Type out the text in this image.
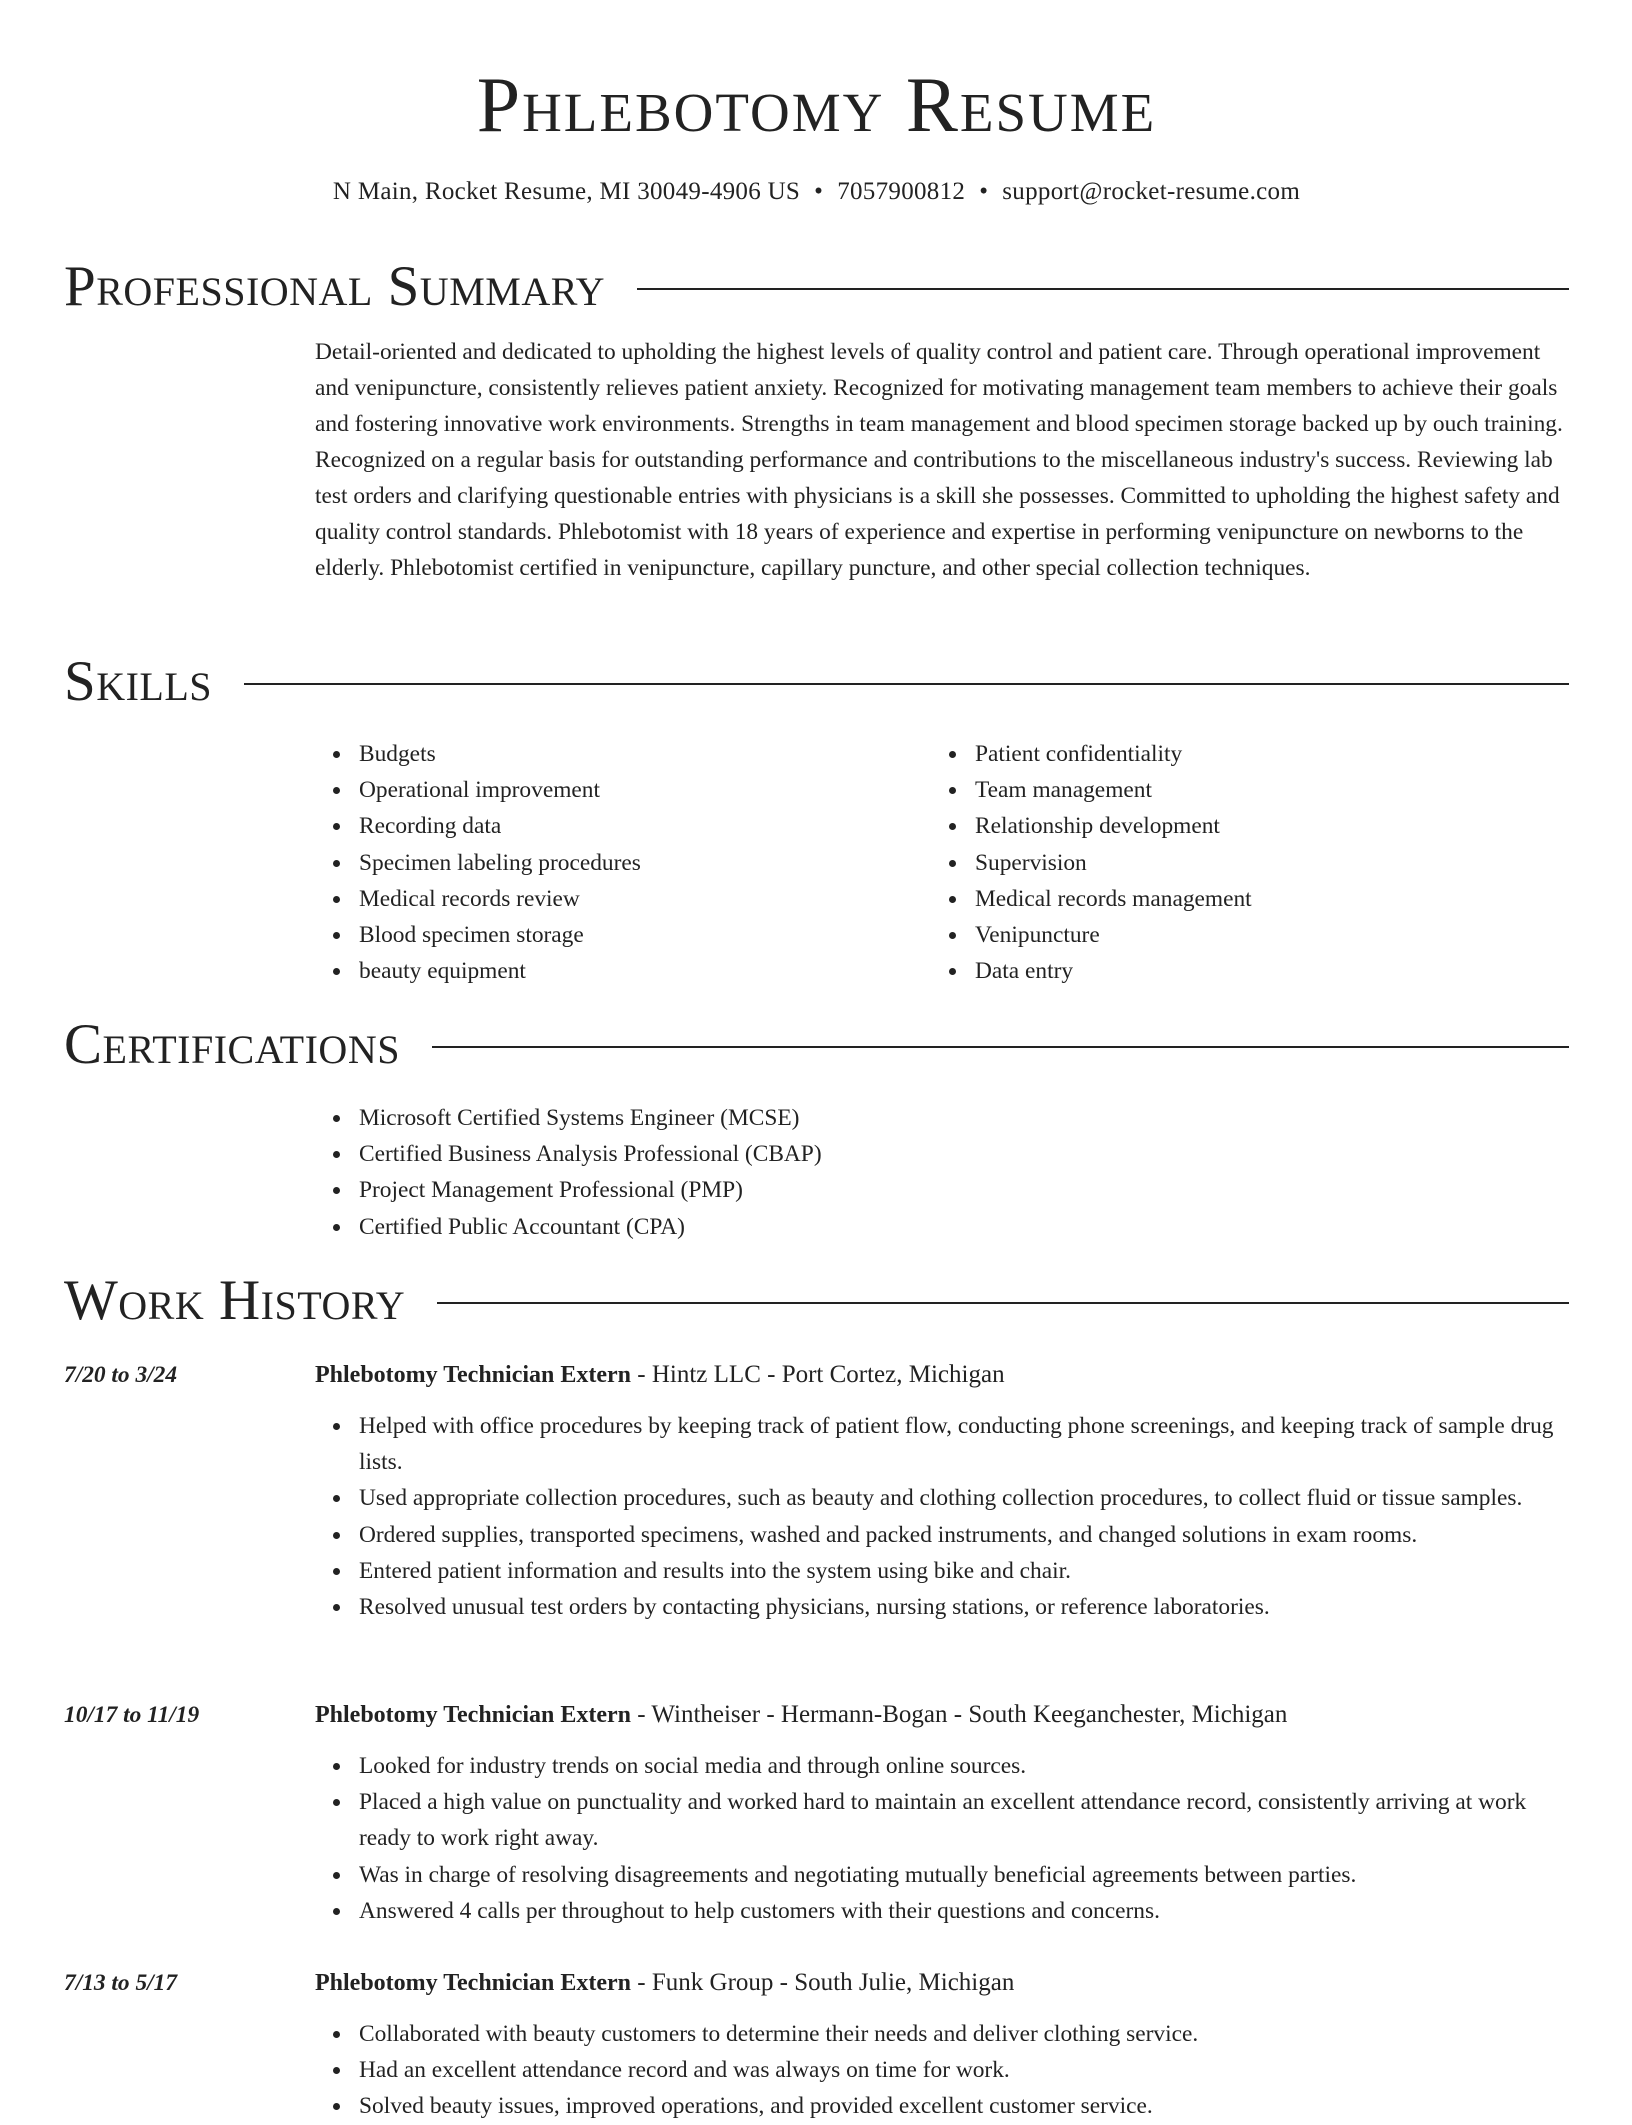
Phlebotomy Resume
N Main, Rocket Resume, MI 30049-4906 US • 7057900812 • support@rocket-resume.com
Professional Summary

Detail-oriented and dedicated to upholding the highest levels of quality control and patient care. Through operational improvement and venipuncture, consistently relieves patient anxiety. Recognized for motivating management team members to achieve their goals and fostering innovative work environments. Strengths in team management and blood specimen storage backed up by ouch training. Recognized on a regular basis for outstanding performance and contributions to the miscellaneous industry's success. Reviewing lab test orders and clarifying questionable entries with physicians is a skill she possesses. Committed to upholding the highest safety and quality control standards. Phlebotomist with 18 years of experience and expertise in performing venipuncture on newborns to the elderly. Phlebotomist certified in venipuncture, capillary puncture, and other special collection techniques.

Skills
Budgets
Operational improvement
Recording data
Specimen labeling procedures
Medical records review
Blood specimen storage
beauty equipment
Patient confidentiality
Team management
Relationship development
Supervision
Medical records management
Venipuncture
Data entry
Certifications
Microsoft Certified Systems Engineer (MCSE)
Certified Business Analysis Professional (CBAP)
Project Management Professional (PMP)
Certified Public Accountant (CPA)
Work History
7/20 to 3/24	Phlebotomy Technician Extern - Hintz LLC - Port Cortez, Michigan
Helped with office procedures by keeping track of patient flow, conducting phone screenings, and keeping track of sample drug lists.
Used appropriate collection procedures, such as beauty and clothing collection procedures, to collect fluid or tissue samples.
Ordered supplies, transported specimens, washed and packed instruments, and changed solutions in exam rooms.
Entered patient information and results into the system using bike and chair.
Resolved unusual test orders by contacting physicians, nursing stations, or reference laboratories.
10/17 to 11/19	Phlebotomy Technician Extern - Wintheiser - Hermann-Bogan - South Keeganchester, Michigan
Looked for industry trends on social media and through online sources.
Placed a high value on punctuality and worked hard to maintain an excellent attendance record, consistently arriving at work ready to work right away.
Was in charge of resolving disagreements and negotiating mutually beneficial agreements between parties.
Answered 4 calls per throughout to help customers with their questions and concerns.
7/13 to 5/17	Phlebotomy Technician Extern - Funk Group - South Julie, Michigan
Collaborated with beauty customers to determine their needs and deliver clothing service.
Had an excellent attendance record and was always on time for work.
Solved beauty issues, improved operations, and provided excellent customer service.
